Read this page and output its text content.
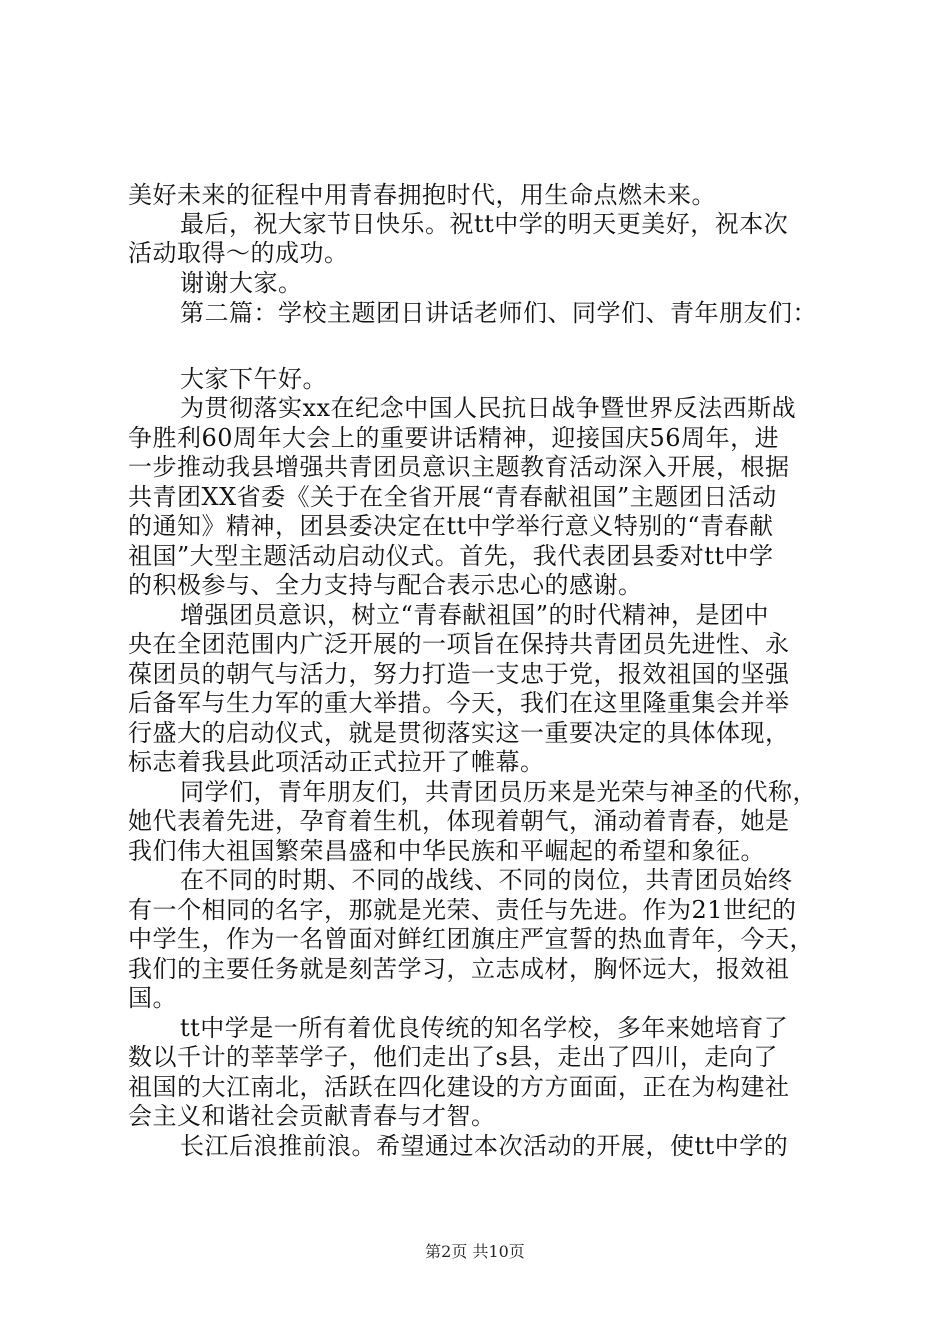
美好未来的征程中用青春拥抱时代，用生命点燃未来。
最后，祝大家节日快乐。祝tt中学的明天更美好，祝本次
活动取得～的成功。
谢谢大家。
第二篇：学校主题团日讲话老师们、同学们、青年朋友们：
大家下午好。
为贯彻落实xx在纪念中国人民抗日战争暨世界反法西斯战
争胜利60周年大会上的重要讲话精神，迎接国庆56周年，进
一步推动我县增强共青团员意识主题教育活动深入开展，根据
共青团XX省委《关于在全省开展“青春献祖国”主题团日活动
的通知》精神，团县委决定在tt中学举行意义特别的“青春献
祖国”大型主题活动启动仪式。首先，我代表团县委对tt中学
的积极参与、全力支持与配合表示忠心的感谢。
增强团员意识，树立“青春献祖国”的时代精神，是团中
央在全团范围内广泛开展的一项旨在保持共青团员先进性、永
葆团员的朝气与活力，努力打造一支忠于党，报效祖国的坚强
后备军与生力军的重大举措。今天，我们在这里隆重集会并举
行盛大的启动仪式，就是贯彻落实这一重要决定的具体体现，
标志着我县此项活动正式拉开了帷幕。
同学们，青年朋友们，共青团员历来是光荣与神圣的代称，
她代表着先进，孕育着生机，体现着朝气，涌动着青春，她是
我们伟大祖国繁荣昌盛和中华民族和平崛起的希望和象征。
在不同的时期、不同的战线、不同的岗位，共青团员始终
有一个相同的名字，那就是光荣、责任与先进。作为21世纪的
中学生，作为一名曾面对鲜红团旗庄严宣誓的热血青年，今天，
我们的主要任务就是刻苦学习，立志成材，胸怀远大，报效祖
国。
tt中学是一所有着优良传统的知名学校，多年来她培育了
数以千计的莘莘学子，他们走出了s县，走出了四川，走向了
祖国的大江南北，活跃在四化建设的方方面面，正在为构建社
会主义和谐社会贡献青春与才智。
长江后浪推前浪。希望通过本次活动的开展，使tt中学的
第2页 共10页
